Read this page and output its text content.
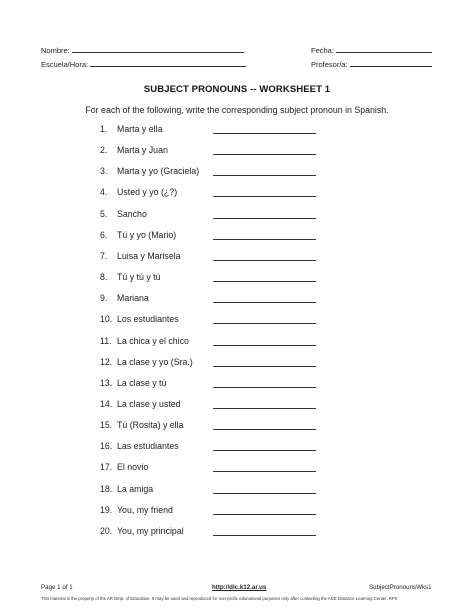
Nombre:	Fecha:
Escuela/Hora:	Profesor/a:
SUBJECT PRONOUNS -- WORKSHEET 1
For each of the following, write the corresponding subject pronoun in Spanish.
1. Marta y ella
2. Marta y Juan
3. Marta y yo (Graciela)
4. Usted y yo (¿?)
5. Sancho
6. Tú y yo (Mario)
7. Luisa y Marisela
8. Tú y tú y tú
9. Mariana
10. Los estudiantes
11. La chica y el chico
12. La clase y yo (Sra.)
13. La clase y tú
14. La clase y usted
15. Tú (Rosita) y ella
16. Las estudiantes
17. El novio
18. La amiga
19. You, my friend
20. You, my principal
Page 1 of 1	http://dlc.k12.ar.us	SubjectPronounsWks1
This material is the property of the AR Dept. of Education. It may be used and reproduced for non-profit, educational purposes only after contacting the ADE Distance Learning Center. RF9
